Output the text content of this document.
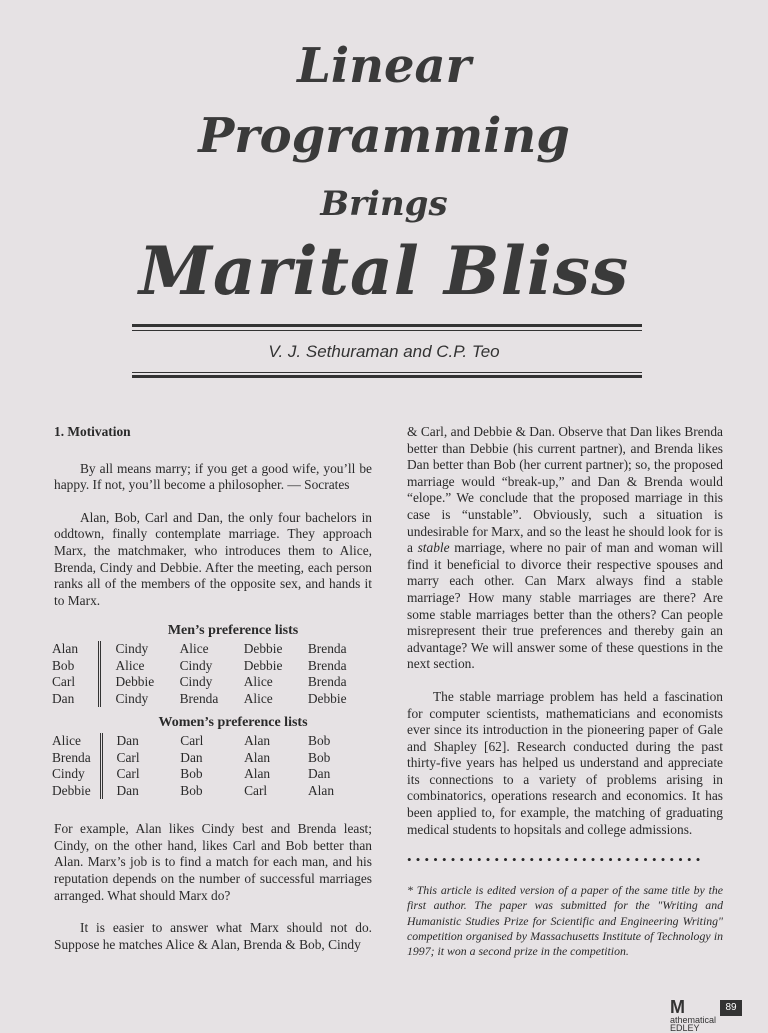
Linear
Programming
Brings
Marital Bliss
V. J. Sethuraman and C.P. Teo

1. Motivation

By all means marry; if you get a good wife, you’ll be happy. If not, you’ll become a philosopher. — Socrates

Alan, Bob, Carl and Dan, the only four bachelors in oddtown, finally contemplate marriage. They approach Marx, the matchmaker, who introduces them to Alice, Brenda, Cindy and Debbie. After the meeting, each person ranks all of the members of the opposite sex, and hands it to Marx.

Men’s preference lists
Alan	Cindy	Alice	Debbie	Brenda
Bob	Alice	Cindy	Debbie	Brenda
Carl	Debbie	Cindy	Alice	Brenda
Dan	Cindy	Brenda	Alice	Debbie
Women’s preference lists
Alice	Dan	Carl	Alan	Bob
Brenda	Carl	Dan	Alan	Bob
Cindy	Carl	Bob	Alan	Dan
Debbie	Dan	Bob	Carl	Alan

For example, Alan likes Cindy best and Brenda least; Cindy, on the other hand, likes Carl and Bob better than Alan. Marx’s job is to find a match for each man, and his reputation depends on the number of successful marriages arranged. What should Marx do?

It is easier to answer what Marx should not do. Suppose he matches Alice & Alan, Brenda & Bob, Cindy

& Carl, and Debbie & Dan. Observe that Dan likes Brenda better than Debbie (his current partner), and Brenda likes Dan better than Bob (her current partner); so, the proposed marriage would “break-up,” and Dan & Brenda would “elope.” We conclude that the proposed marriage in this case is “unstable”. Obviously, such a situation is undesirable for Marx, and so the least he should look for is a stable marriage, where no pair of man and woman will find it beneficial to divorce their respective spouses and marry each other. Can Marx always find a stable marriage? How many stable marriages are there? Are some stable marriages better than the others? Can people misrepresent their true preferences and thereby gain an advantage? We will answer some of these questions in the next section.

The stable marriage problem has held a fascination for computer scientists, mathematicians and economists ever since its introduction in the pioneering paper of Gale and Shapley [62]. Research conducted during the past thirty-five years has helped us understand and appreciate its connections to a variety of problems arising in combinatorics, operations research and economics. It has been applied to, for example, the matching of graduating medical students to hopsitals and college admissions.

••••••••••••••••••••••••••••••••••

* This article is edited version of a paper of the same title by the first author. The paper was submitted for the "Writing and Humanistic Studies Prize for Scientific and Engineering Writing" competition organised by Massachusetts Institute of Technology in 1997; it won a second prize in the competition.

M
athematical
EDLEY
89
